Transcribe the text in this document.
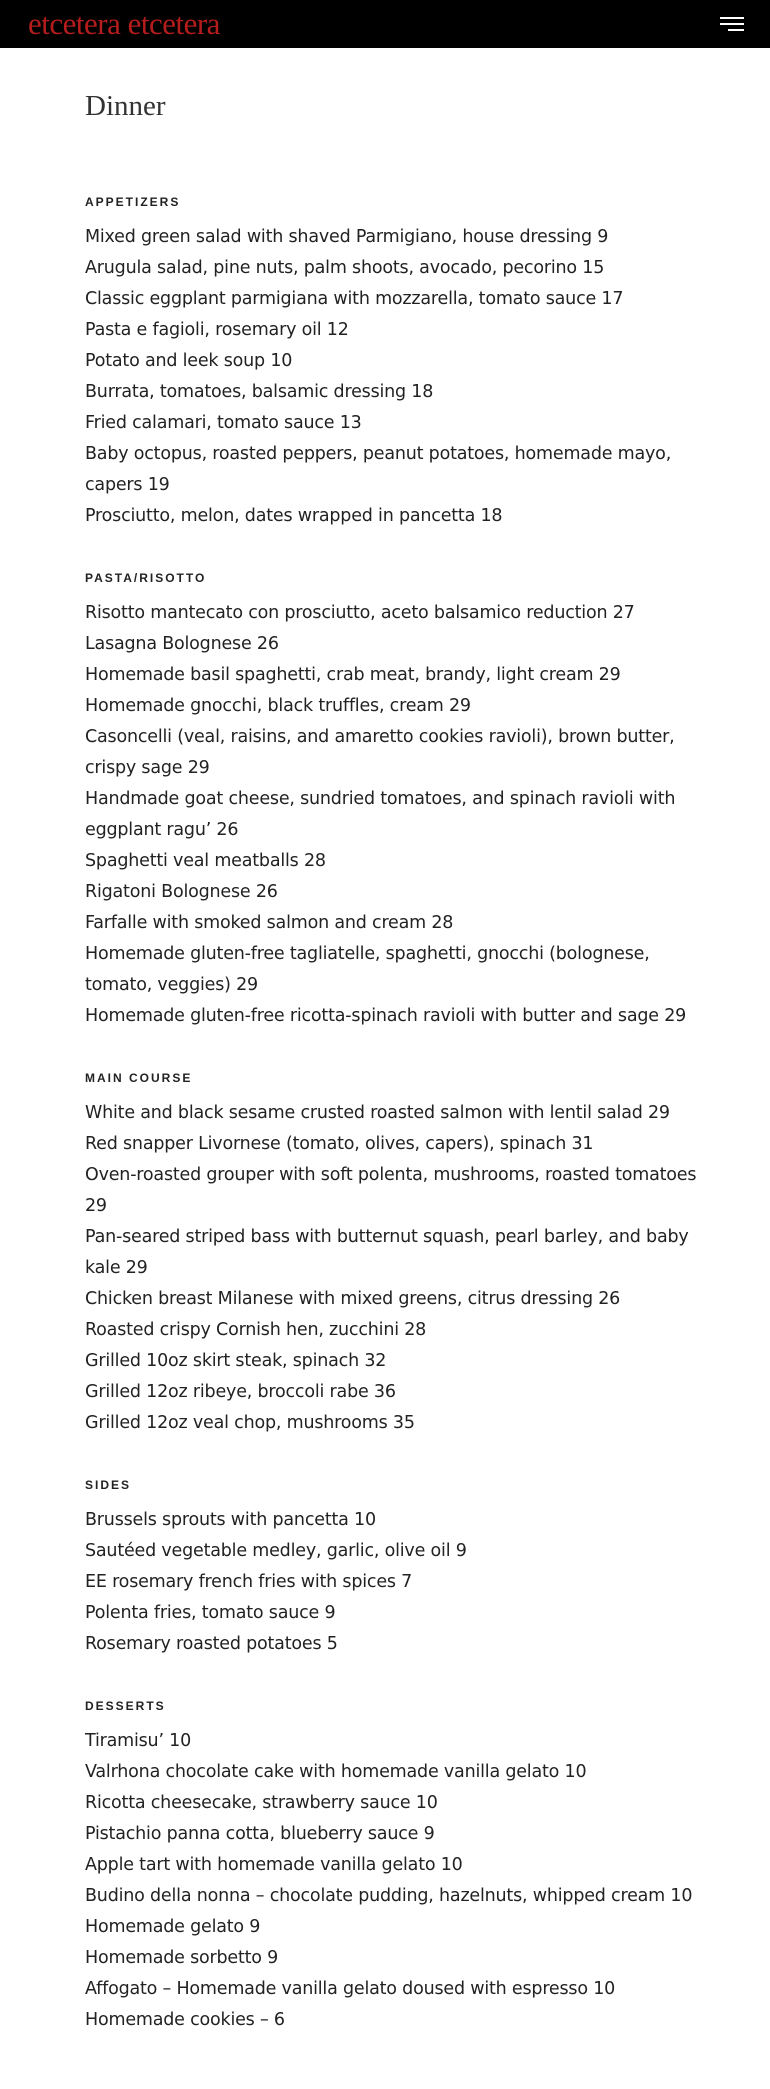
etcetera etcetera
Dinner
APPETIZERS
Mixed green salad with shaved Parmigiano, house dressing 9
Arugula salad, pine nuts, palm shoots, avocado, pecorino 15
Classic eggplant parmigiana with mozzarella, tomato sauce 17
Pasta e fagioli, rosemary oil 12
Potato and leek soup 10
Burrata, tomatoes, balsamic dressing 18
Fried calamari, tomato sauce 13
Baby octopus, roasted peppers, peanut potatoes, homemade mayo, capers 19
Prosciutto, melon, dates wrapped in pancetta 18
PASTA/RISOTTO
Risotto mantecato con prosciutto, aceto balsamico reduction 27
Lasagna Bolognese 26
Homemade basil spaghetti, crab meat, brandy, light cream 29
Homemade gnocchi, black truffles, cream 29
Casoncelli (veal, raisins, and amaretto cookies ravioli), brown butter, crispy sage 29
Handmade goat cheese, sundried tomatoes, and spinach ravioli with eggplant ragu’ 26
Spaghetti veal meatballs 28
Rigatoni Bolognese 26
Farfalle with smoked salmon and cream 28
Homemade gluten-free tagliatelle, spaghetti, gnocchi (bolognese, tomato, veggies) 29
Homemade gluten-free ricotta-spinach ravioli with butter and sage 29
MAIN COURSE
White and black sesame crusted roasted salmon with lentil salad 29
Red snapper Livornese (tomato, olives, capers), spinach 31
Oven-roasted grouper with soft polenta, mushrooms, roasted tomatoes 29
Pan-seared striped bass with butternut squash, pearl barley, and baby kale 29
Chicken breast Milanese with mixed greens, citrus dressing 26
Roasted crispy Cornish hen, zucchini 28
Grilled 10oz skirt steak, spinach 32
Grilled 12oz ribeye, broccoli rabe 36
Grilled 12oz veal chop, mushrooms 35
SIDES
Brussels sprouts with pancetta 10
Sautéed vegetable medley, garlic, olive oil 9
EE rosemary french fries with spices 7
Polenta fries, tomato sauce 9
Rosemary roasted potatoes 5
DESSERTS
Tiramisu’ 10
Valrhona chocolate cake with homemade vanilla gelato 10
Ricotta cheesecake, strawberry sauce 10
Pistachio panna cotta, blueberry sauce 9
Apple tart with homemade vanilla gelato 10
Budino della nonna – chocolate pudding, hazelnuts, whipped cream 10
Homemade gelato 9
Homemade sorbetto 9
Affogato – Homemade vanilla gelato doused with espresso 10
Homemade cookies – 6
